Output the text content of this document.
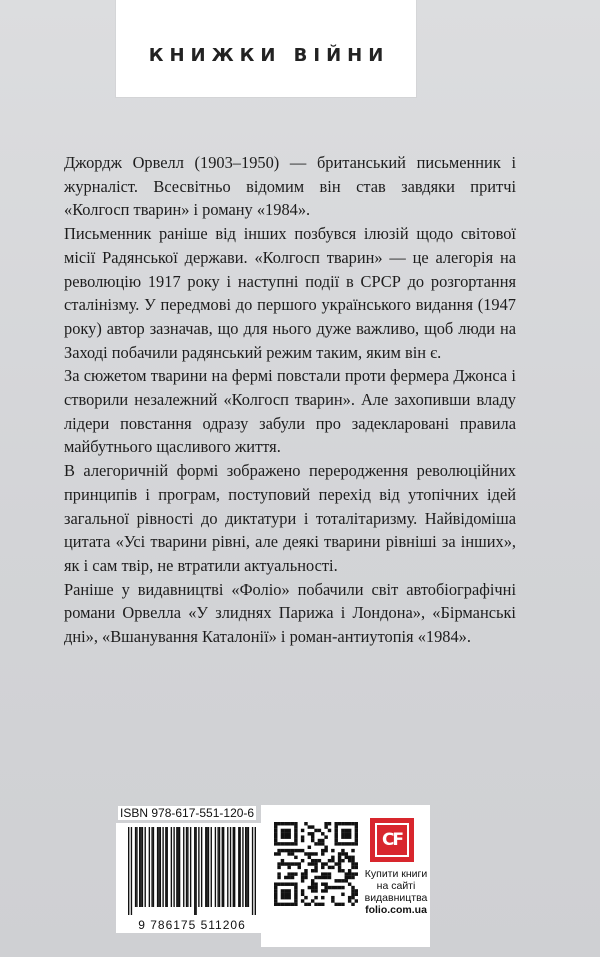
КНИЖКИ ВІЙНИ

Джордж Орвелл (1903–1950) — британський письменник і журналіст. Всесвітньо відомим він став завдяки притчі «Колгосп тварин» і роману «1984».

Письменник раніше від інших позбувся ілюзій щодо світової місії Радянської держави. «Колгосп тварин» — це алегорія на революцію 1917 року і наступні події в СРСР до розгортання сталінізму. У передмові до першого українського видання (1947 року) автор зазначав, що для нього дуже важливо, щоб люди на Заході побачили радянський режим таким, яким він є.

За сюжетом тварини на фермі повстали проти фермера Джонса і створили незалежний «Колгосп тварин». Але захопивши владу лідери повстання одразу забули про задекларовані правила майбутнього щасливого життя.

В алегоричній формі зображено переродження революційних принципів і програм, поступовий перехід від утопічних ідей загальної рівності до диктатури і тоталітаризму. Найвідоміша цитата «Усі тварини рівні, але деякі тварини рівніші за інших», як і сам твір, не втратили актуальності.

Раніше у видавництві «Фоліо» побачили світ автобіографічні романи Орвелла «У злиднях Парижа і Лондона», «Бірманські дні», «Вшанування Каталонії» і роман-антиутопія «1984».

ISBN 978-617-551-120-6
9 786175 511206
CF
Купити книги
на сайті
видавництва
folio.com.ua
